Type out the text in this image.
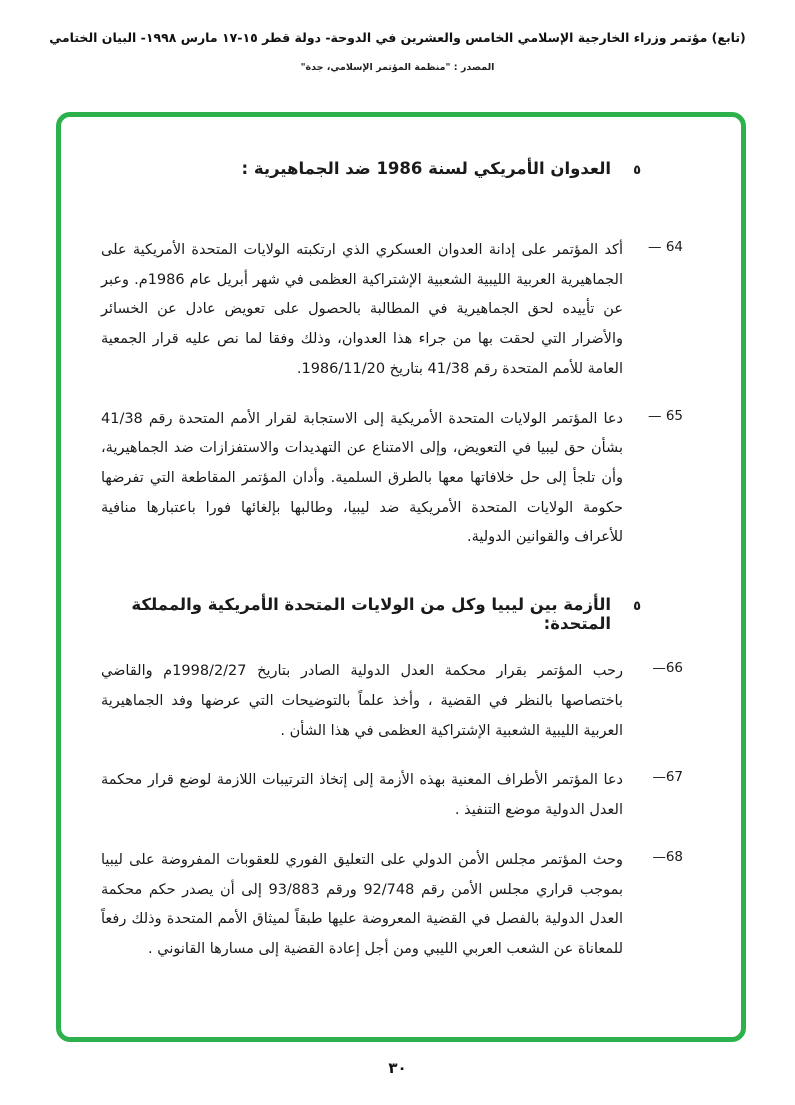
(تابع) مؤتمر وزراء الخارجية الإسلامي الخامس والعشرين في الدوحة- دولة قطر ١٥-١٧ مارس ١٩٩٨- البيان الختامي
المصدر : "منظمة المؤتمر الإسلامي، جدة"
٥
العدوان الأمريكي لسنة 1986 ضد الجماهيرية :
64 —
أكد المؤتمر على إدانة العدوان العسكري الذي ارتكبته الولايات المتحدة الأمريكية على الجماهيرية العربية الليبية الشعبية الإشتراكية العظمى في شهر أبريل عام 1986م. وعبر عن تأييده لحق الجماهيرية في المطالبة بالحصول على تعويض عادل عن الخسائر والأضرار التي لحقت بها من جراء هذا العدوان، وذلك وفقا لما نص عليه قرار الجمعية العامة للأمم المتحدة رقم 41/38 بتاريخ 1986/11/20.
65 —
دعا المؤتمر الولايات المتحدة الأمريكية إلى الاستجابة لقرار الأمم المتحدة رقم 41/38 بشأن حق ليبيا في التعويض، وإلى الامتناع عن التهديدات والاستفزازات ضد الجماهيرية، وأن تلجأ إلى حل خلافاتها معها بالطرق السلمية. وأدان المؤتمر المقاطعة التي تفرضها حكومة الولايات المتحدة الأمريكية ضد ليبيا، وطالبها بإلغائها فورا باعتبارها منافية للأعراف والقوانين الدولية.
٥
الأزمة بين ليبيا وكل من الولايات المتحدة الأمريكية والمملكة المتحدة:
66—
رحب المؤتمر بقرار محكمة العدل الدولية الصادر بتاريخ 1998/2/27م والقاضي باختصاصها بالنظر في القضية ، وأخذ علماً بالتوضيحات التي عرضها وفد الجماهيرية العربية الليبية الشعبية الإشتراكية العظمى في هذا الشأن .
67—
دعا المؤتمر الأطراف المعنية بهذه الأزمة إلى إتخاذ الترتيبات اللازمة لوضع قرار محكمة العدل الدولية موضع التنفيذ .
68—
وحث المؤتمر مجلس الأمن الدولي على التعليق الفوري للعقوبات المفروضة على ليبيا بموجب قراري مجلس الأمن رقم 92/748 ورقم 93/883 إلى أن يصدر حكم محكمة العدل الدولية بالفصل في القضية المعروضة عليها طبقاً لميثاق الأمم المتحدة وذلك رفعاً للمعاناة عن الشعب العربي الليبي ومن أجل إعادة القضية إلى مسارها القانوني .
٣٠
